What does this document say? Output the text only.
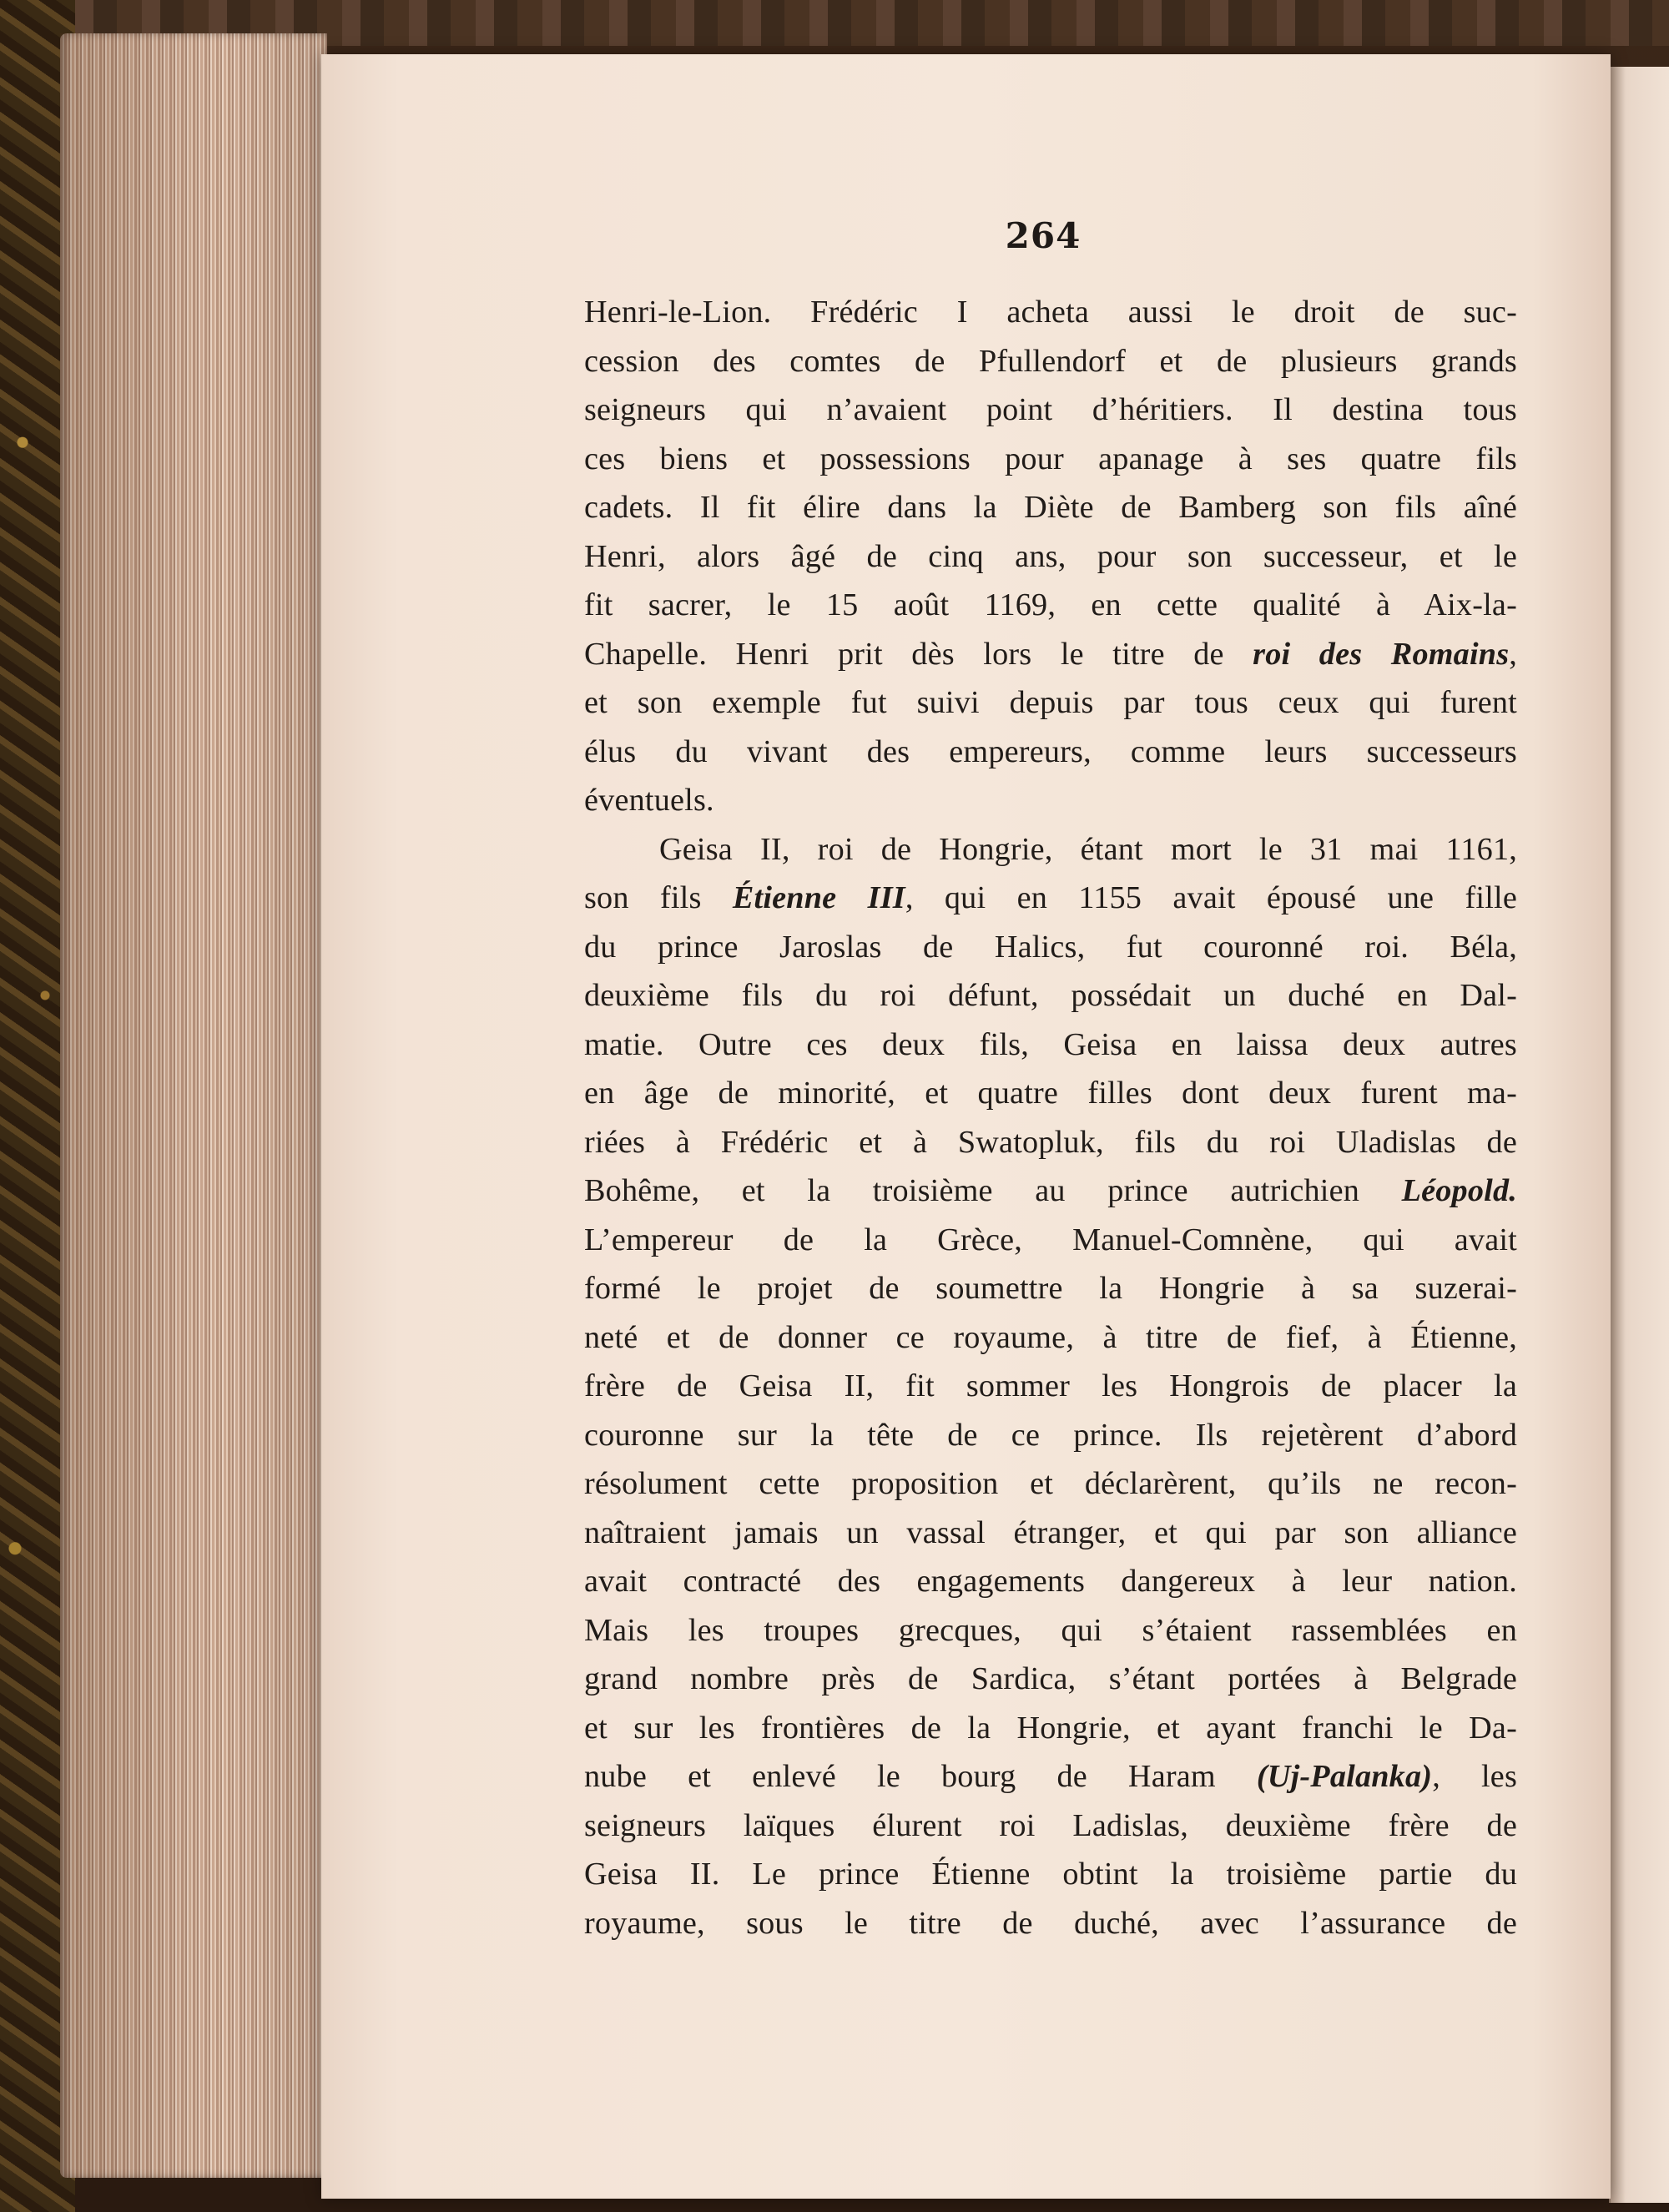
264
Henri-le-Lion. Frédéric I acheta aussi le droit de suc-
cession des comtes de Pfullendorf et de plusieurs grands
seigneurs qui n’avaient point d’héritiers. Il destina tous
ces biens et possessions pour apanage à ses quatre fils
cadets. Il fit élire dans la Diète de Bamberg son fils aîné
Henri, alors âgé de cinq ans, pour son successeur, et le
fit sacrer, le 15 août 1169, en cette qualité à Aix-la-
Chapelle. Henri prit dès lors le titre de roi des Romains,
et son exemple fut suivi depuis par tous ceux qui furent
élus du vivant des empereurs, comme leurs successeurs
éventuels.
Geisa II, roi de Hongrie, étant mort le 31 mai 1161,
son fils Étienne III, qui en 1155 avait épousé une fille
du prince Jaroslas de Halics, fut couronné roi. Béla,
deuxième fils du roi défunt, possédait un duché en Dal-
matie. Outre ces deux fils, Geisa en laissa deux autres
en âge de minorité, et quatre filles dont deux furent ma-
riées à Frédéric et à Swatopluk, fils du roi Uladislas de
Bohême, et la troisième au prince autrichien Léopold.
L’empereur de la Grèce, Manuel-Comnène, qui avait
formé le projet de soumettre la Hongrie à sa suzerai-
neté et de donner ce royaume, à titre de fief, à Étienne,
frère de Geisa II, fit sommer les Hongrois de placer la
couronne sur la tête de ce prince. Ils rejetèrent d’abord
résolument cette proposition et déclarèrent, qu’ils ne recon-
naîtraient jamais un vassal étranger, et qui par son alliance
avait contracté des engagements dangereux à leur nation.
Mais les troupes grecques, qui s’étaient rassemblées en
grand nombre près de Sardica, s’étant portées à Belgrade
et sur les frontières de la Hongrie, et ayant franchi le Da-
nube et enlevé le bourg de Haram (Uj-Palanka), les
seigneurs laïques élurent roi Ladislas, deuxième frère de
Geisa II. Le prince Étienne obtint la troisième partie du
royaume, sous le titre de duché, avec l’assurance de
